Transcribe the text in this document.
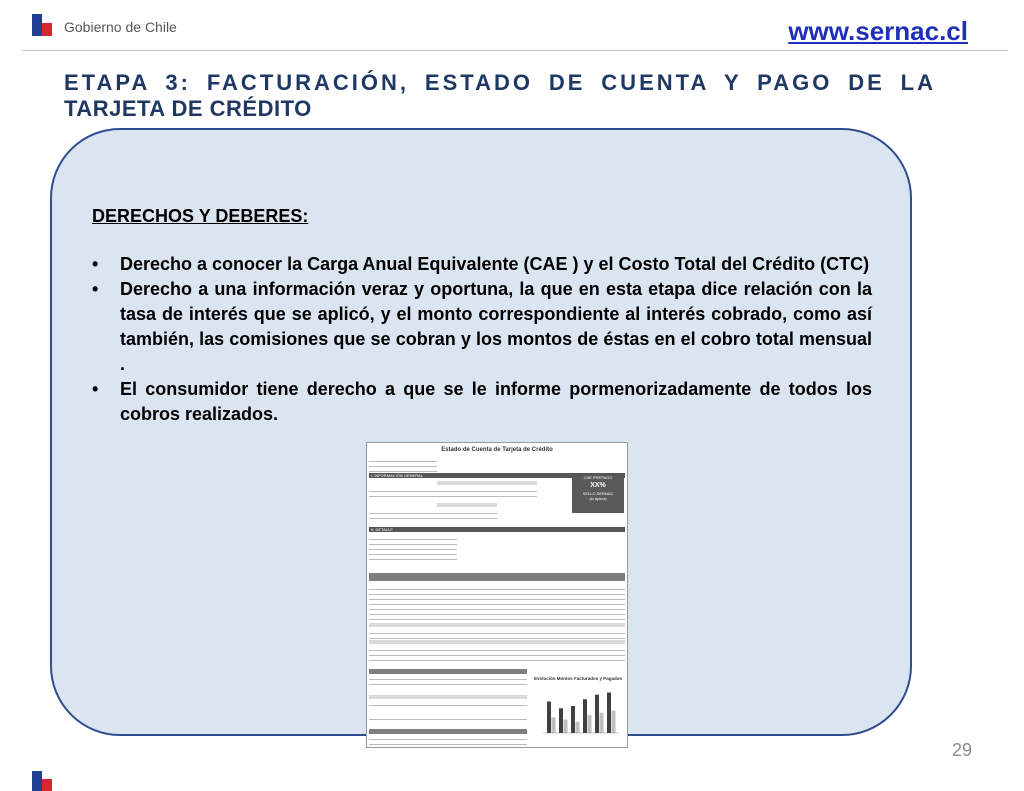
Gobierno de Chile	www.sernac.cl
ETAPA 3: FACTURACIÓN, ESTADO DE CUENTA Y PAGO DE LA
TARJETA DE CRÉDITO
DERECHOS Y DEBERES:
• Derecho a conocer la Carga Anual Equivalente (CAE ) y el Costo Total del Crédito (CTC)
• Derecho a una información veraz y oportuna, la que en esta etapa dice relación con la tasa de interés que se aplicó, y el monto correspondiente al interés cobrado, como así también, las comisiones que se cobran y los montos de éstas en el cobro total mensual .
• El consumidor tiene derecho a que se le informe pormenorizadamente de todos los cobros realizados.
Estado de Cuenta de Tarjeta de Crédito
I. INFORMACIÓN GENERAL	CAE PREPAGO
XX%
SELLO SERNAC
(si aplica)
II. DETALLE
Evolución Montos Facturados y Pagados
29
